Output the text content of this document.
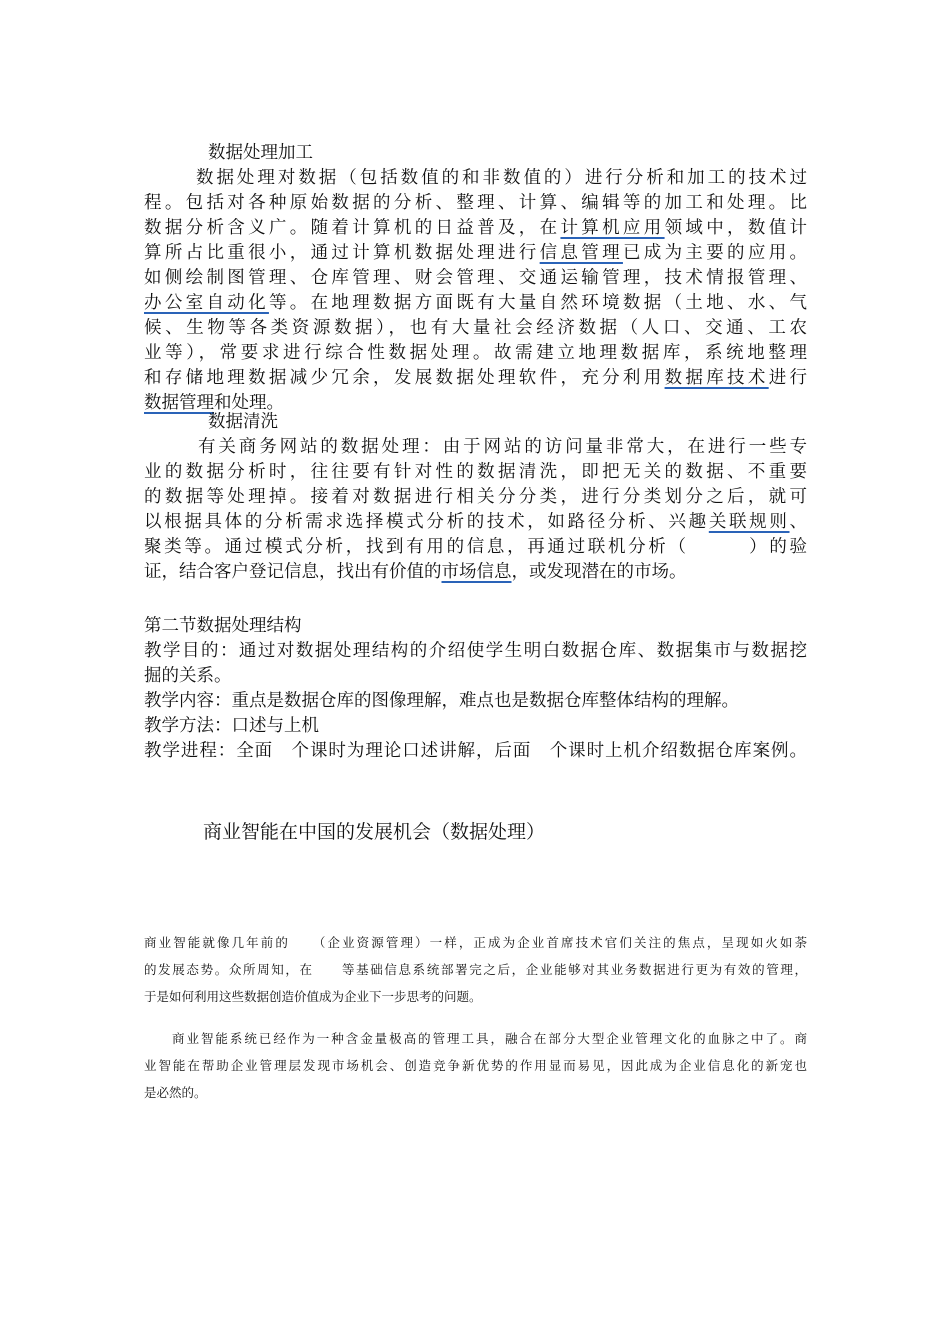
数据处理加工
数据处理对数据（包括数值的和非数值的）进行分析和加工的技术过
程。包括对各种原始数据的分析、整理、计算、编辑等的加工和处理。比
数据分析含义广。随着计算机的日益普及，在计算机应用领域中，数值计
算所占比重很小，通过计算机数据处理进行信息管理已成为主要的应用。
如侧绘制图管理、仓库管理、财会管理、交通运输管理，技术情报管理、
办公室自动化等。在地理数据方面既有大量自然环境数据（土地、水、气
候、生物等各类资源数据），也有大量社会经济数据（人口、交通、工农
业等），常要求进行综合性数据处理。故需建立地理数据库，系统地整理
和存储地理数据减少冗余，发展数据处理软件，充分利用数据库技术进行
数据管理和处理。
数据清洗
有关商务网站的数据处理：由于网站的访问量非常大，在进行一些专
业的数据分析时，往往要有针对性的数据清洗，即把无关的数据、不重要
的数据等处理掉。接着对数据进行相关分分类，进行分类划分之后，就可
以根据具体的分析需求选择模式分析的技术，如路径分析、兴趣关联规则、
聚类等。通过模式分析，找到有用的信息，再通过联机分析（　　　）的验
证，结合客户登记信息，找出有价值的市场信息，或发现潜在的市场。
第二节数据处理结构
教学目的：通过对数据处理结构的介绍使学生明白数据仓库、数据集市与数据挖
掘的关系。
教学内容：重点是数据仓库的图像理解，难点也是数据仓库整体结构的理解。
教学方法：口述与上机
教学进程：全面　个课时为理论口述讲解，后面　个课时上机介绍数据仓库案例。
商业智能在中国的发展机会（数据处理）
商业智能就像几年前的　　（企业资源管理）一样，正成为企业首席技术官们关注的焦点，呈现如火如荼
的发展态势。众所周知，在　　等基础信息系统部署完之后，企业能够对其业务数据进行更为有效的管理，
于是如何利用这些数据创造价值成为企业下一步思考的问题。
商业智能系统已经作为一种含金量极高的管理工具，融合在部分大型企业管理文化的血脉之中了。商
业智能在帮助企业管理层发现市场机会、创造竞争新优势的作用显而易见，因此成为企业信息化的新宠也
是必然的。
